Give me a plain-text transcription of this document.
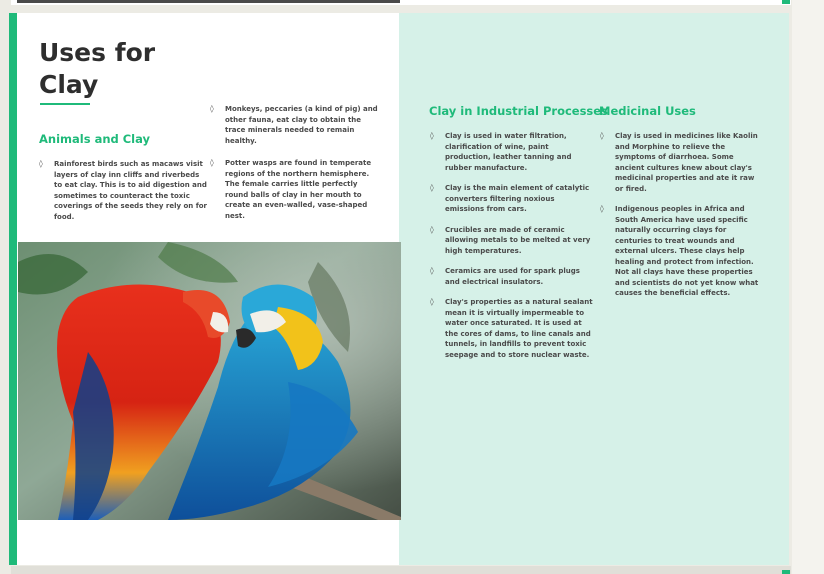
Uses for
Clay
Animals and Clay
◊ Rainforest birds such as macaws visit layers of clay inn cliffs and riverbeds to eat clay. This is to aid digestion and sometimes to counteract the toxic coverings of the seeds they rely on for food.
◊ Monkeys, peccaries (a kind of pig) and other fauna, eat clay to obtain the trace minerals needed to remain healthy.
◊ Potter wasps are found in temperate regions of the northern hemisphere. The female carries little perfectly round balls of clay in her mouth to create an even-walled, vase-shaped nest.
Clay in Industrial Processes
◊ Clay is used in water filtration, clarification of wine, paint production, leather tanning and rubber manufacture.
◊ Clay is the main element of catalytic converters filtering noxious emissions from cars.
◊ Crucibles are made of ceramic allowing metals to be melted at very high temperatures.
◊ Ceramics are used for spark plugs and electrical insulators.
◊ Clay's properties as a natural sealant mean it is virtually impermeable to water once saturated. It is used at the cores of dams, to line canals and tunnels, in landfills to prevent toxic seepage and to store nuclear waste.
Medicinal Uses
◊ Clay is used in medicines like Kaolin and Morphine to relieve the symptoms of diarrhoea. Some ancient cultures knew about clay's medicinal properties and ate it raw or fired.
◊ Indigenous peoples in Africa and South America have used specific naturally occurring clays for centuries to treat wounds and external ulcers. These clays help healing and protect from infection. Not all clays have these properties and scientists do not yet know what causes the beneficial effects.
